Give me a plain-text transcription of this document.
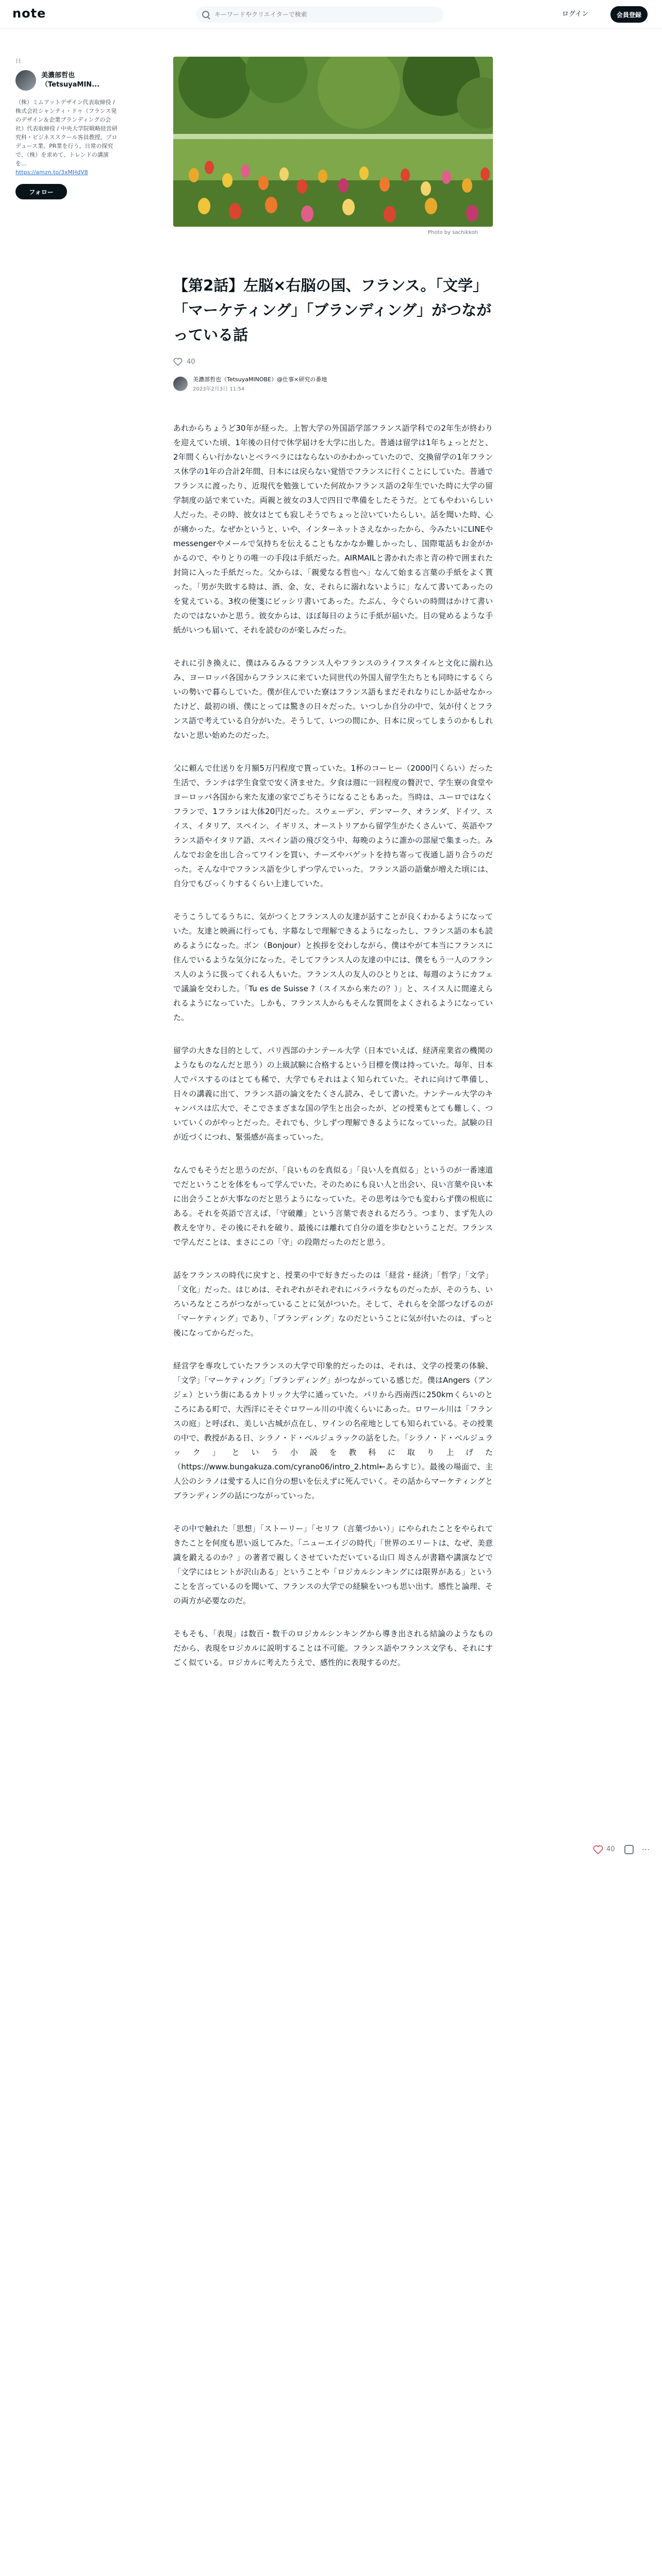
note
キーワードやクリエイターで検索	ログイン	会員登録
日
美濃部哲也（TetsuyaMIN...
（株）ミムアットデザイン代表取締役 / 株式会社シャンティ・ドゥ（フランス発のデザイン＆企業ブランディングの会社）代表取締役 / 中央大学院戦略経営研究科・ビジネススクール客員教授。プロデュース業、PR業を行う。日常の探究で、（株）を求めて、トレンドの講演を…
https://amzn.to/3xMHdV8
フォロー
Photo by sachikkoh
【第2話】左脳×右脳の国、フランス。「文学」「マーケティング」「ブランディング」がつながっている話
40
美濃部哲也（TetsuyaMINOBE）@仕事×研究の番地
2023年2月3日 11:54

あれからちょうど30年が経った。上智大学の外国語学部フランス語学科での2年生が終わりを迎えていた頃、1年後の日付で休学届けを大学に出した。普通は留学は1年ちょっとだと、2年間くらい行かないとベラベラにはならないのかわかっていたので、交換留学の1年フランス休学の1年の合計2年間、日本には戻らない覚悟でフランスに行くことにしていた。普通でフランスに渡ったり、近現代を勉強していた何故かフランス語の2年生でいた時に大学の留学制度の話で来ていた。両親と彼女の3人で四日で準備をしたそうだ。とてもやわいらしい人だった。その時、彼女はとても寂しそうでちょっと泣いていたらしい。話を聞いた時、心が痛かった。なぜかというと、いや、インターネットさえなかったから、今みたいにLINEやmessengerやメールで気持ちを伝えることもなかなか難しかったし、国際電話もお金がかかるので、やりとりの唯一の手段は手紙だった。AIRMAILと書かれた赤と青の枠で囲まれた封筒に入った手紙だった。父からは、「親愛なる哲也へ」なんて始まる言葉の手紙をよく貰った。「男が失敗する時は、酒、金、女、それらに溺れないように」なんて書いてあったのを覚えている。3枚の便箋にビッシリ書いてあった。たぶん、今ぐらいの時間はかけて書いたのではないかと思う。彼女からは、ほぼ毎日のように手紙が届いた。目の覚めるような手紙がいつも届いて、それを読むのが楽しみだった。

それに引き換えに、僕はみるみるフランス人やフランスのライフスタイルと文化に溺れ込み、ヨーロッパ各国からフランスに来ていた同世代の外国人留学生たちとも同時にするくらいの勢いで暮らしていた。僕が住んでいた寮はフランス語もまだそれなりにしか話せなかったけど、最初の頃、僕にとっては驚きの日々だった。いつしか自分の中で、気が付くとフランス語で考えている自分がいた。そうして、いつの間にか、日本に戻ってしまうのかもしれないと思い始めたのだった。

父に頼んで仕送りを月額5万円程度で貰っていた。1杯のコーヒー（2000円くらい）だった生活で、ランチは学生食堂で安く済ませた。夕食は週に一回程度の贅沢で、学生寮の食堂やヨーロッパ各国から来た友達の家でごちそうになることもあった。当時は、ユーロではなくフランで、1フランは大体20円だった。スウェーデン、デンマーク、オランダ、ドイツ、スイス、イタリア、スペイン、イギリス、オーストリアから留学生がたくさんいて、英語やフランス語やイタリア語、スペイン語の飛び交う中、毎晩のように誰かの部屋で集まった。みんなでお金を出し合ってワインを買い、チーズやバゲットを持ち寄って夜通し語り合うのだった。そんな中でフランス語を少しずつ学んでいった。フランス語の語彙が増えた頃には、自分でもびっくりするくらい上達していた。

そうこうしてるうちに、気がつくとフランス人の友達が話すことが良くわかるようになっていた。友達と映画に行っても、字幕なしで理解できるようになったし、フランス語の本も読めるようになった。ボン（Bonjour）と挨拶を交わしながら、僕はやがて本当にフランスに住んでいるような気分になった。そしてフランス人の友達の中には、僕をもう一人のフランス人のように扱ってくれる人もいた。フランス人の友人のひとりとは、毎週のようにカフェで議論を交わした。「Tu es de Suisse ?（スイスから来たの？）」と、スイス人に間違えられるようになっていた。しかも、フランス人からもそんな質問をよくされるようになっていた。

留学の大きな目的として、パリ西部のナンテール大学（日本でいえば、経済産業省の機関のようなものなんだと思う）の上級試験に合格するという目標を僕は持っていた。毎年、日本人でパスするのはとても稀で、大学でもそれはよく知られていた。それに向けて準備し、日々の講義に出て、フランス語の論文をたくさん読み、そして書いた。ナンテール大学のキャンパスは広大で、そこでさまざまな国の学生と出会ったが、どの授業もとても難しく、ついていくのがやっとだった。それでも、少しずつ理解できるようになっていった。試験の日が近づくにつれ、緊張感が高まっていった。

なんでもそうだと思うのだが、「良いものを真似る」「良い人を真似る」というのが一番速道でだということを体をもって学んでいた。そのためにも良い人と出会い、良い言葉や良い本に出会うことが大事なのだと思うようになっていた。その思考は今でも変わらず僕の根底にある。それを英語で言えば、「守破離」という言葉で表されるだろう。つまり、まず先人の教えを守り、その後にそれを破り、最後には離れて自分の道を歩むということだ。フランスで学んだことは、まさにこの「守」の段階だったのだと思う。

話をフランスの時代に戻すと、授業の中で好きだったのは「経営・経済」「哲学」「文学」「文化」だった。はじめは、それぞれがそれぞれにバラバラなものだったが、そのうち、いろいろなところがつながっていることに気がついた。そして、それらを全部つなげるのが「マーケティング」であり、「ブランディング」なのだということに気が付いたのは、ずっと後になってからだった。

経営学を専攻していたフランスの大学で印象的だったのは、それは、文学の授業の体験、「文学」「マーケティング」「ブランディング」がつながっている感じだ。僕はAngers（アンジェ）という街にあるカトリック大学に通っていた。パリから西南西に250kmくらいのところにある町で、大西洋にそそぐロワール川の中流くらいにあった。ロワール川は「フランスの庭」と呼ばれ、美しい古城が点在し、ワインの名産地としても知られている。その授業の中で、教授がある日、シラノ・ド・ベルジュラックの話をした。「シラノ・ド・ベルジュラック」という小説を教科に取り上げた（https://www.bungakuza.com/cyrano06/intro_2.html←あらすじ）。最後の場面で、主人公のシラノは愛する人に自分の想いを伝えずに死んでいく。その話からマーケティングとブランディングの話につながっていった。

その中で触れた「思想」「ストーリー」「セリフ（言葉づかい）」にやられたことをやられてきたことを何度も思い返してみた。「ニューエイジの時代」「世界のエリートは、なぜ、美意識を鍛えるのか？」の著者で親しくさせていただいている山口 周さんが書籍や講演などで「文学にはヒントが沢山ある」ということや「ロジカルシンキングには限界がある」ということを言っているのを聞いて、フランスの大学での経験をいつも思い出す。感性と論理、その両方が必要なのだ。

そもそも、「表現」は数百・数千のロジカルシンキングから導き出される結論のようなものだから、表現をロジカルに説明することは不可能。フランス語やフランス文学も、それにすごく似ている。ロジカルに考えたうえで、感性的に表現するのだ。

40	⋯
